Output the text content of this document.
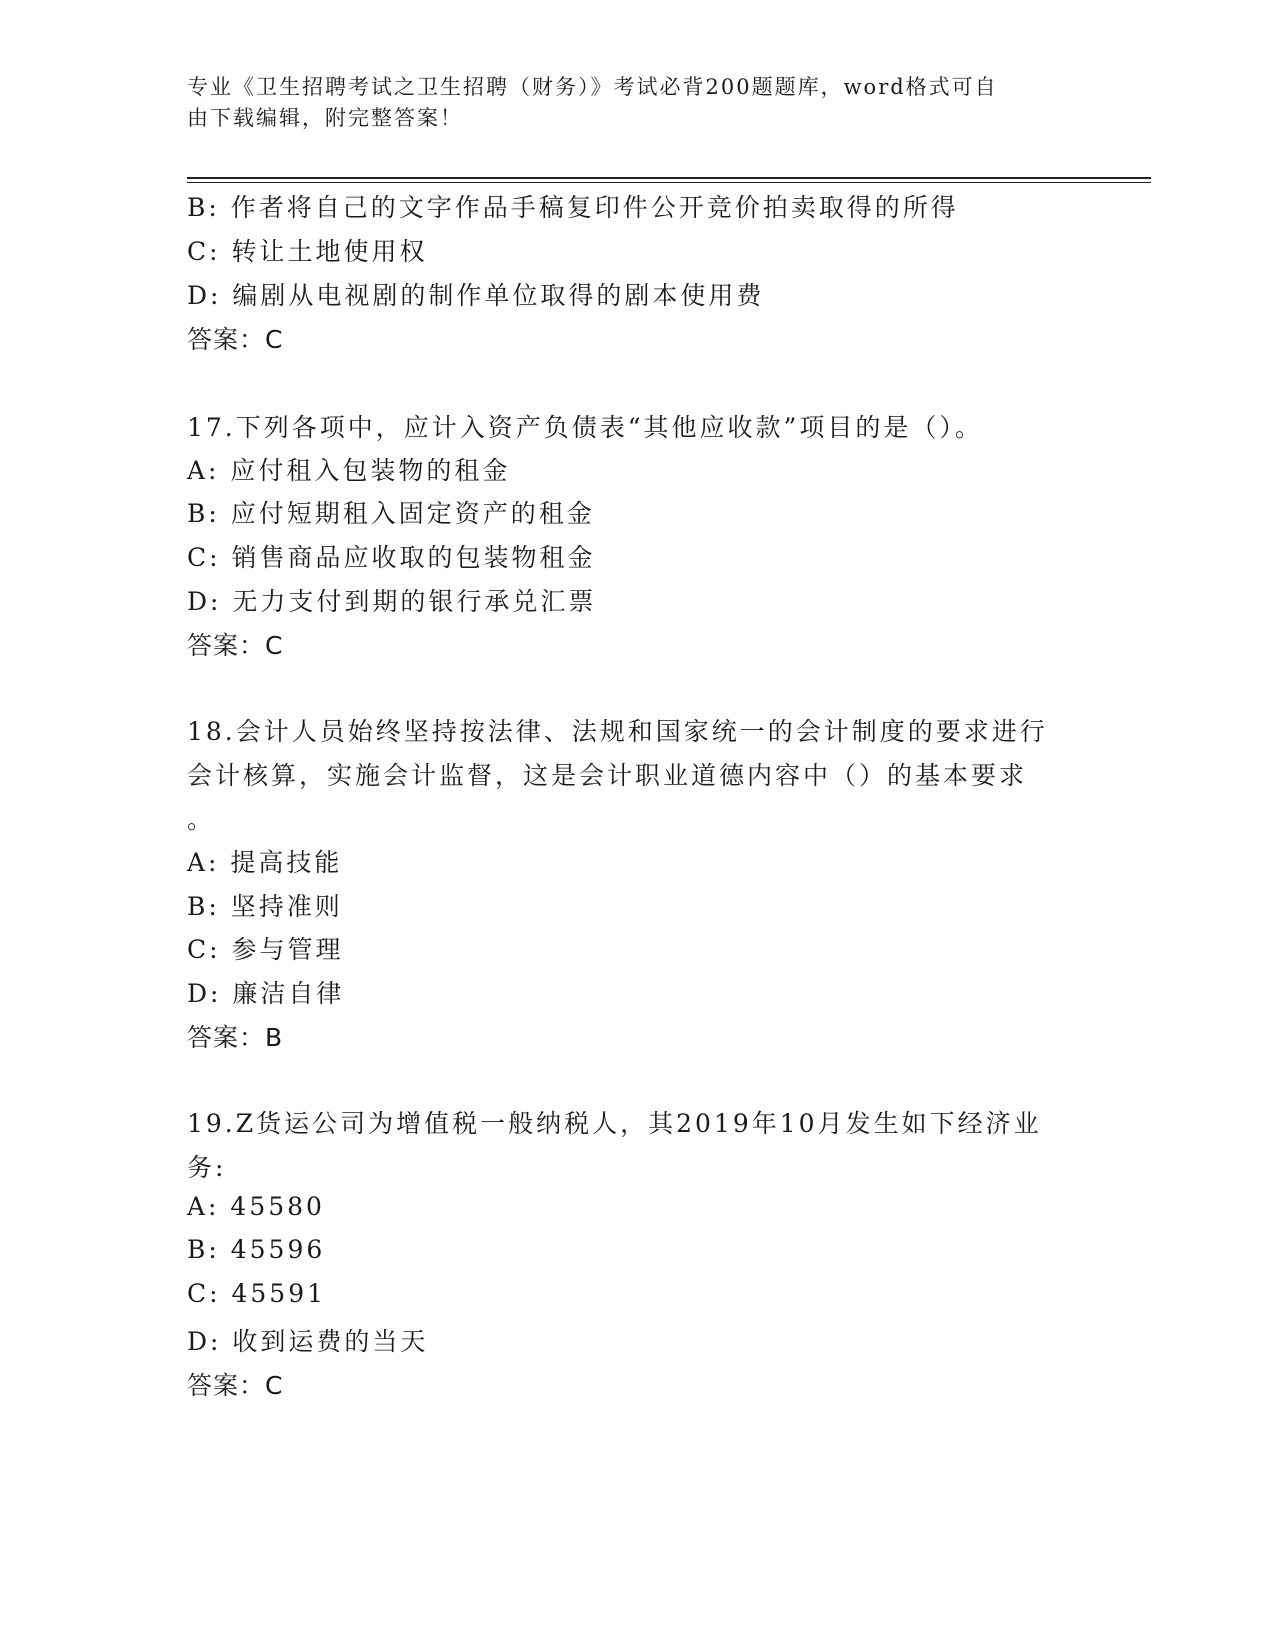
专业《卫生招聘考试之卫生招聘（财务）》考试必背200题题库，word格式可自
由下载编辑，附完整答案！
B: 作者将自己的文字作品手稿复印件公开竞价拍卖取得的所得
C: 转让土地使用权
D: 编剧从电视剧的制作单位取得的剧本使用费
答案：C
17.下列各项中，应计入资产负债表“其他应收款”项目的是（）。
A: 应付租入包装物的租金
B: 应付短期租入固定资产的租金
C: 销售商品应收取的包装物租金
D: 无力支付到期的银行承兑汇票
答案：C
18.会计人员始终坚持按法律、法规和国家统一的会计制度的要求进行
会计核算，实施会计监督，这是会计职业道德内容中（）的基本要求
。
A: 提高技能
B: 坚持准则
C: 参与管理
D: 廉洁自律
答案：B
19.Z货运公司为增值税一般纳税人，其2019年10月发生如下经济业
务:
A: 45580
B: 45596
C: 45591
D: 收到运费的当天
答案：C
